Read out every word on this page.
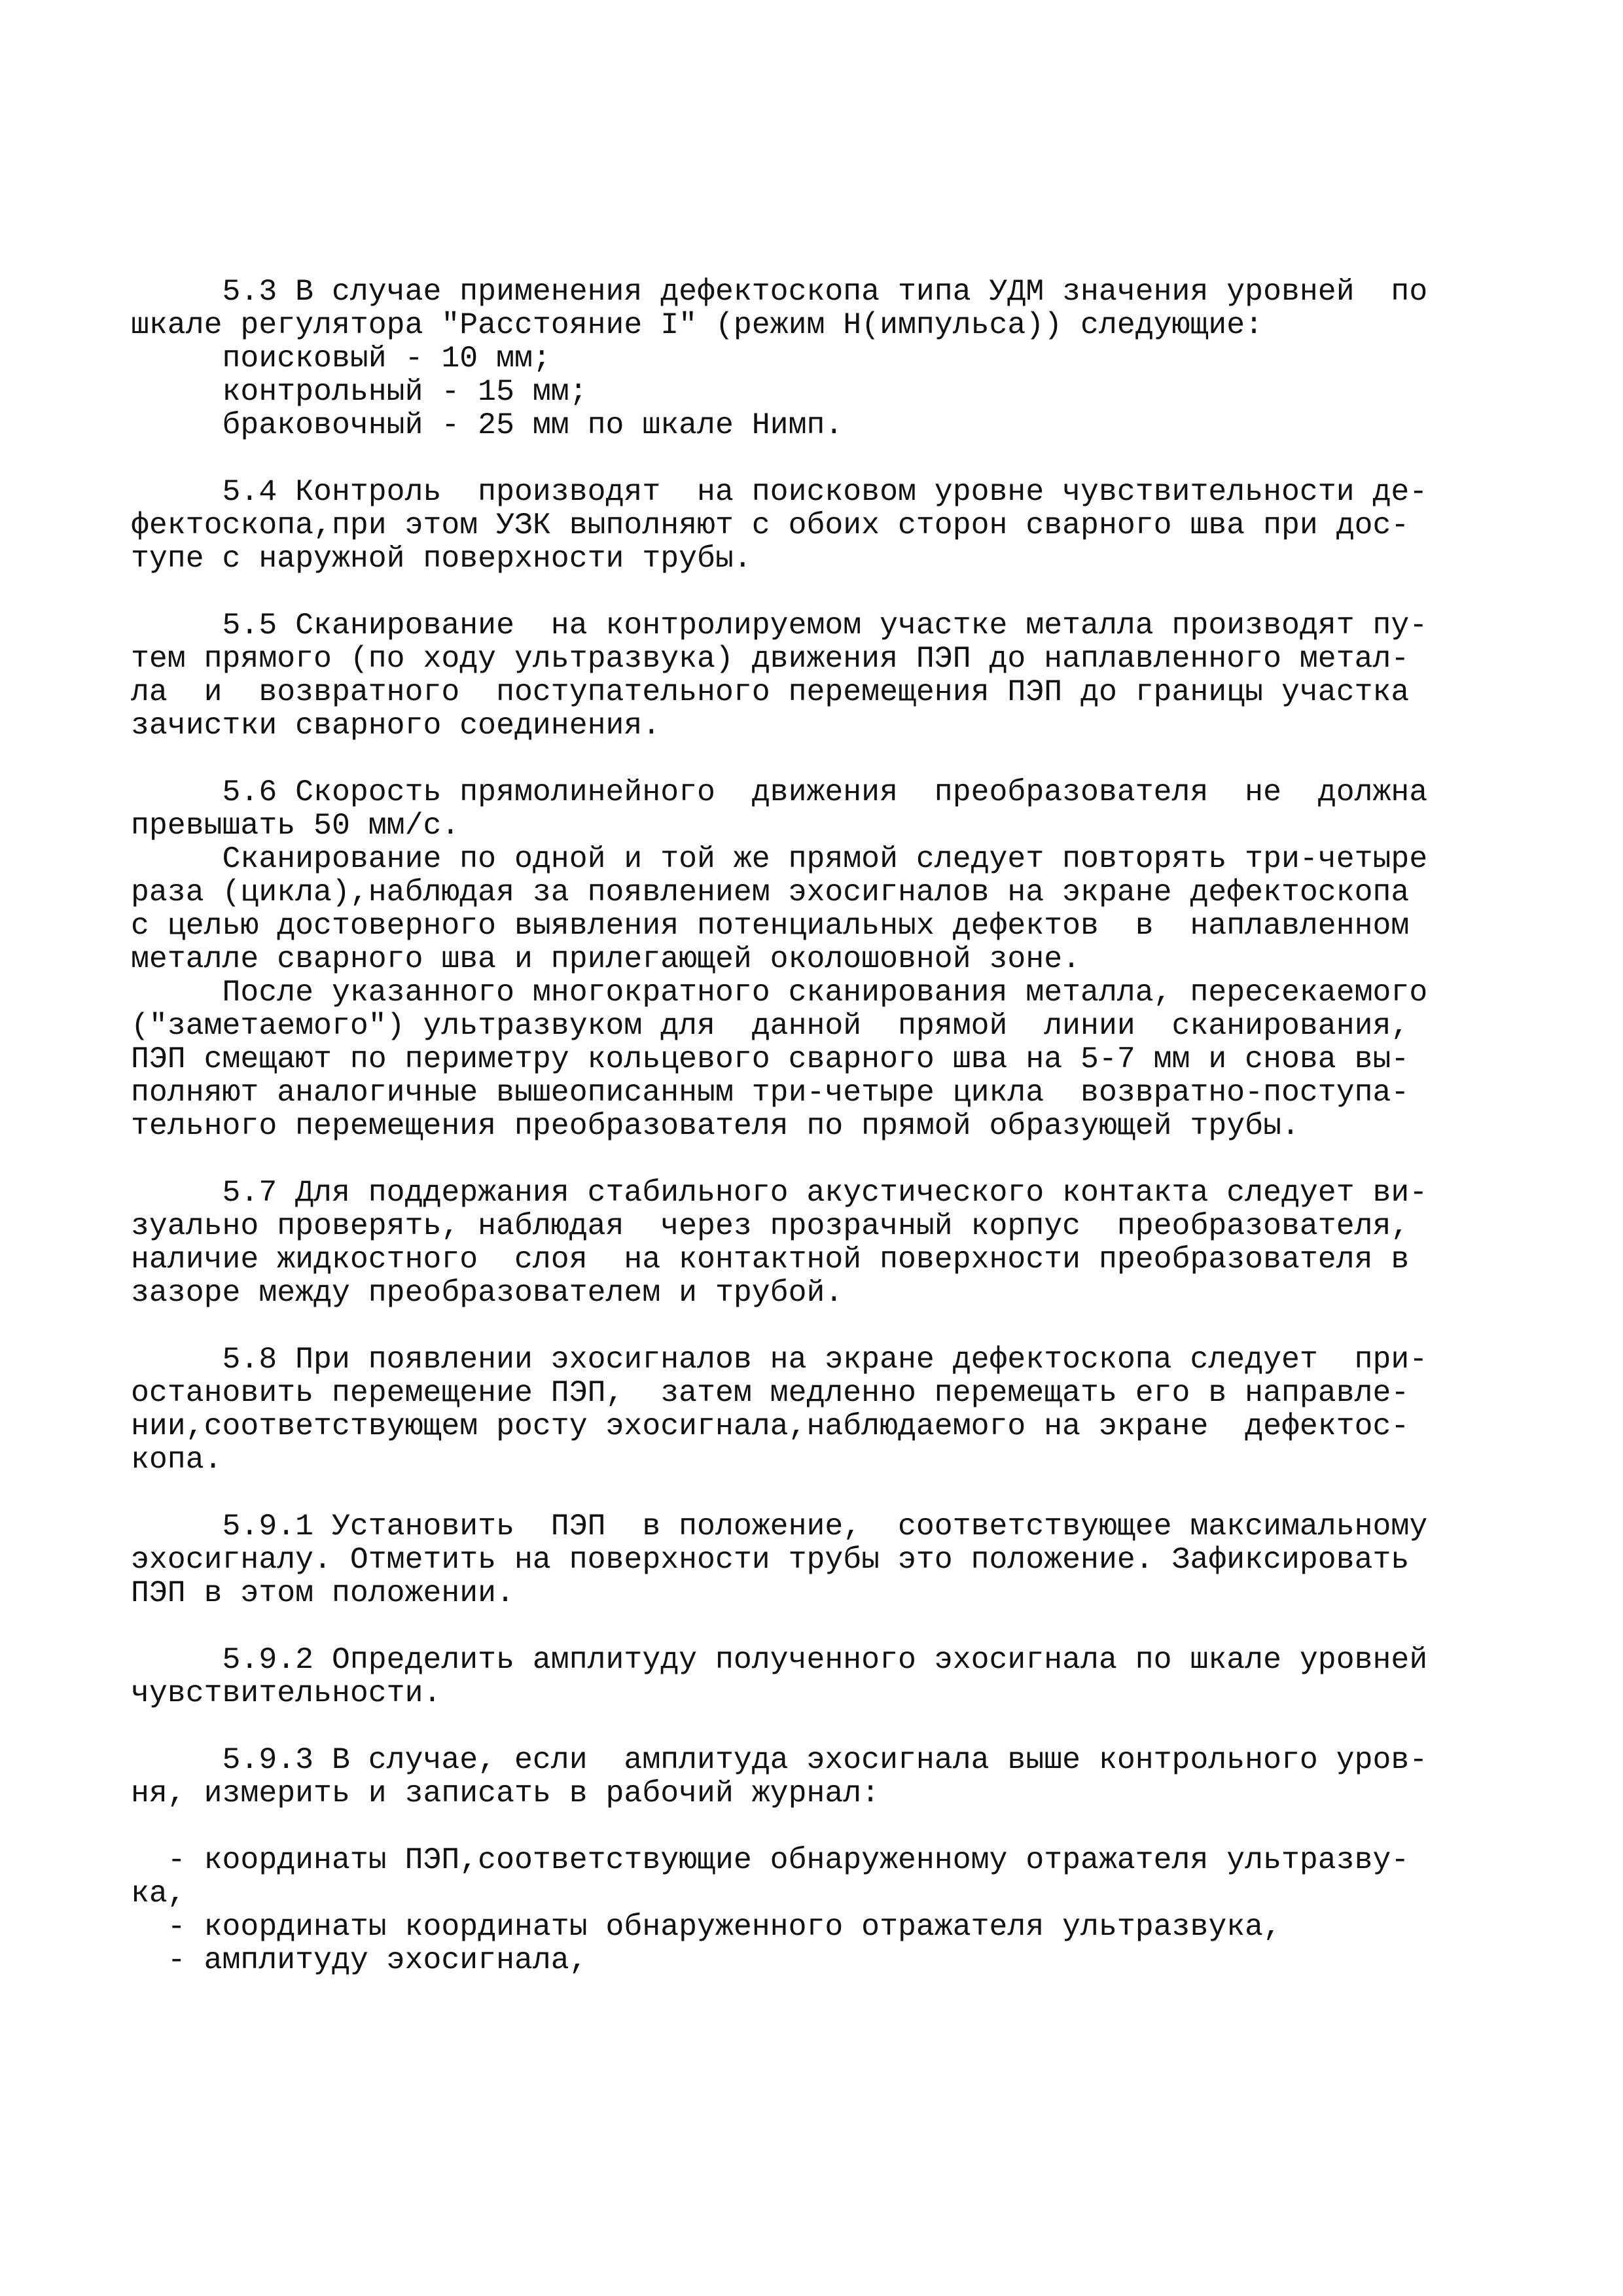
5.3 В случае применения дефектоскопа типа УДМ значения уровней  по
шкале регулятора "Расстояние I" (режим Н(импульса)) следующие:
поисковый - 10 мм;
контрольный - 15 мм;
браковочный - 25 мм по шкале Нимп.
5.4 Контроль  производят  на поисковом уровне чувствительности де-
фектоскопа,при этом УЗК выполняют с обоих сторон сварного шва при дос-
тупе с наружной поверхности трубы.
5.5 Сканирование  на контролируемом участке металла производят пу-
тем прямого (по ходу ультразвука) движения ПЭП до наплавленного метал-
ла  и  возвратного  поступательного перемещения ПЭП до границы участка
зачистки сварного соединения.
5.6 Скорость прямолинейного  движения  преобразователя  не  должна
превышать 50 мм/с.
Сканирование по одной и той же прямой следует повторять три-четыре
раза (цикла),наблюдая за появлением эхосигналов на экране дефектоскопа
с целью достоверного выявления потенциальных дефектов  в  наплавленном
металле сварного шва и прилегающей околошовной зоне.
После указанного многократного сканирования металла, пересекаемого
("заметаемого") ультразвуком для  данной  прямой  линии  сканирования,
ПЭП смещают по периметру кольцевого сварного шва на 5-7 мм и снова вы-
полняют аналогичные вышеописанным три-четыре цикла  возвратно-поступа-
тельного перемещения преобразователя по прямой образующей трубы.
5.7 Для поддержания стабильного акустического контакта следует ви-
зуально проверять, наблюдая  через прозрачный корпус  преобразователя,
наличие жидкостного  слоя  на контактной поверхности преобразователя в
зазоре между преобразователем и трубой.
5.8 При появлении эхосигналов на экране дефектоскопа следует  при-
остановить перемещение ПЭП,  затем медленно перемещать его в направле-
нии,соответствующем росту эхосигнала,наблюдаемого на экране  дефектос-
копа.
5.9.1 Установить  ПЭП  в положение,  соответствующее максимальному
эхосигналу. Отметить на поверхности трубы это положение. Зафиксировать
ПЭП в этом положении.
5.9.2 Определить амплитуду полученного эхосигнала по шкале уровней
чувствительности.
5.9.3 В случае, если  амплитуда эхосигнала выше контрольного уров-
ня, измерить и записать в рабочий журнал:
- координаты ПЭП,соответствующие обнаруженному отражателя ультразву-
ка,
- координаты координаты обнаруженного отражателя ультразвука,
- амплитуду эхосигнала,
